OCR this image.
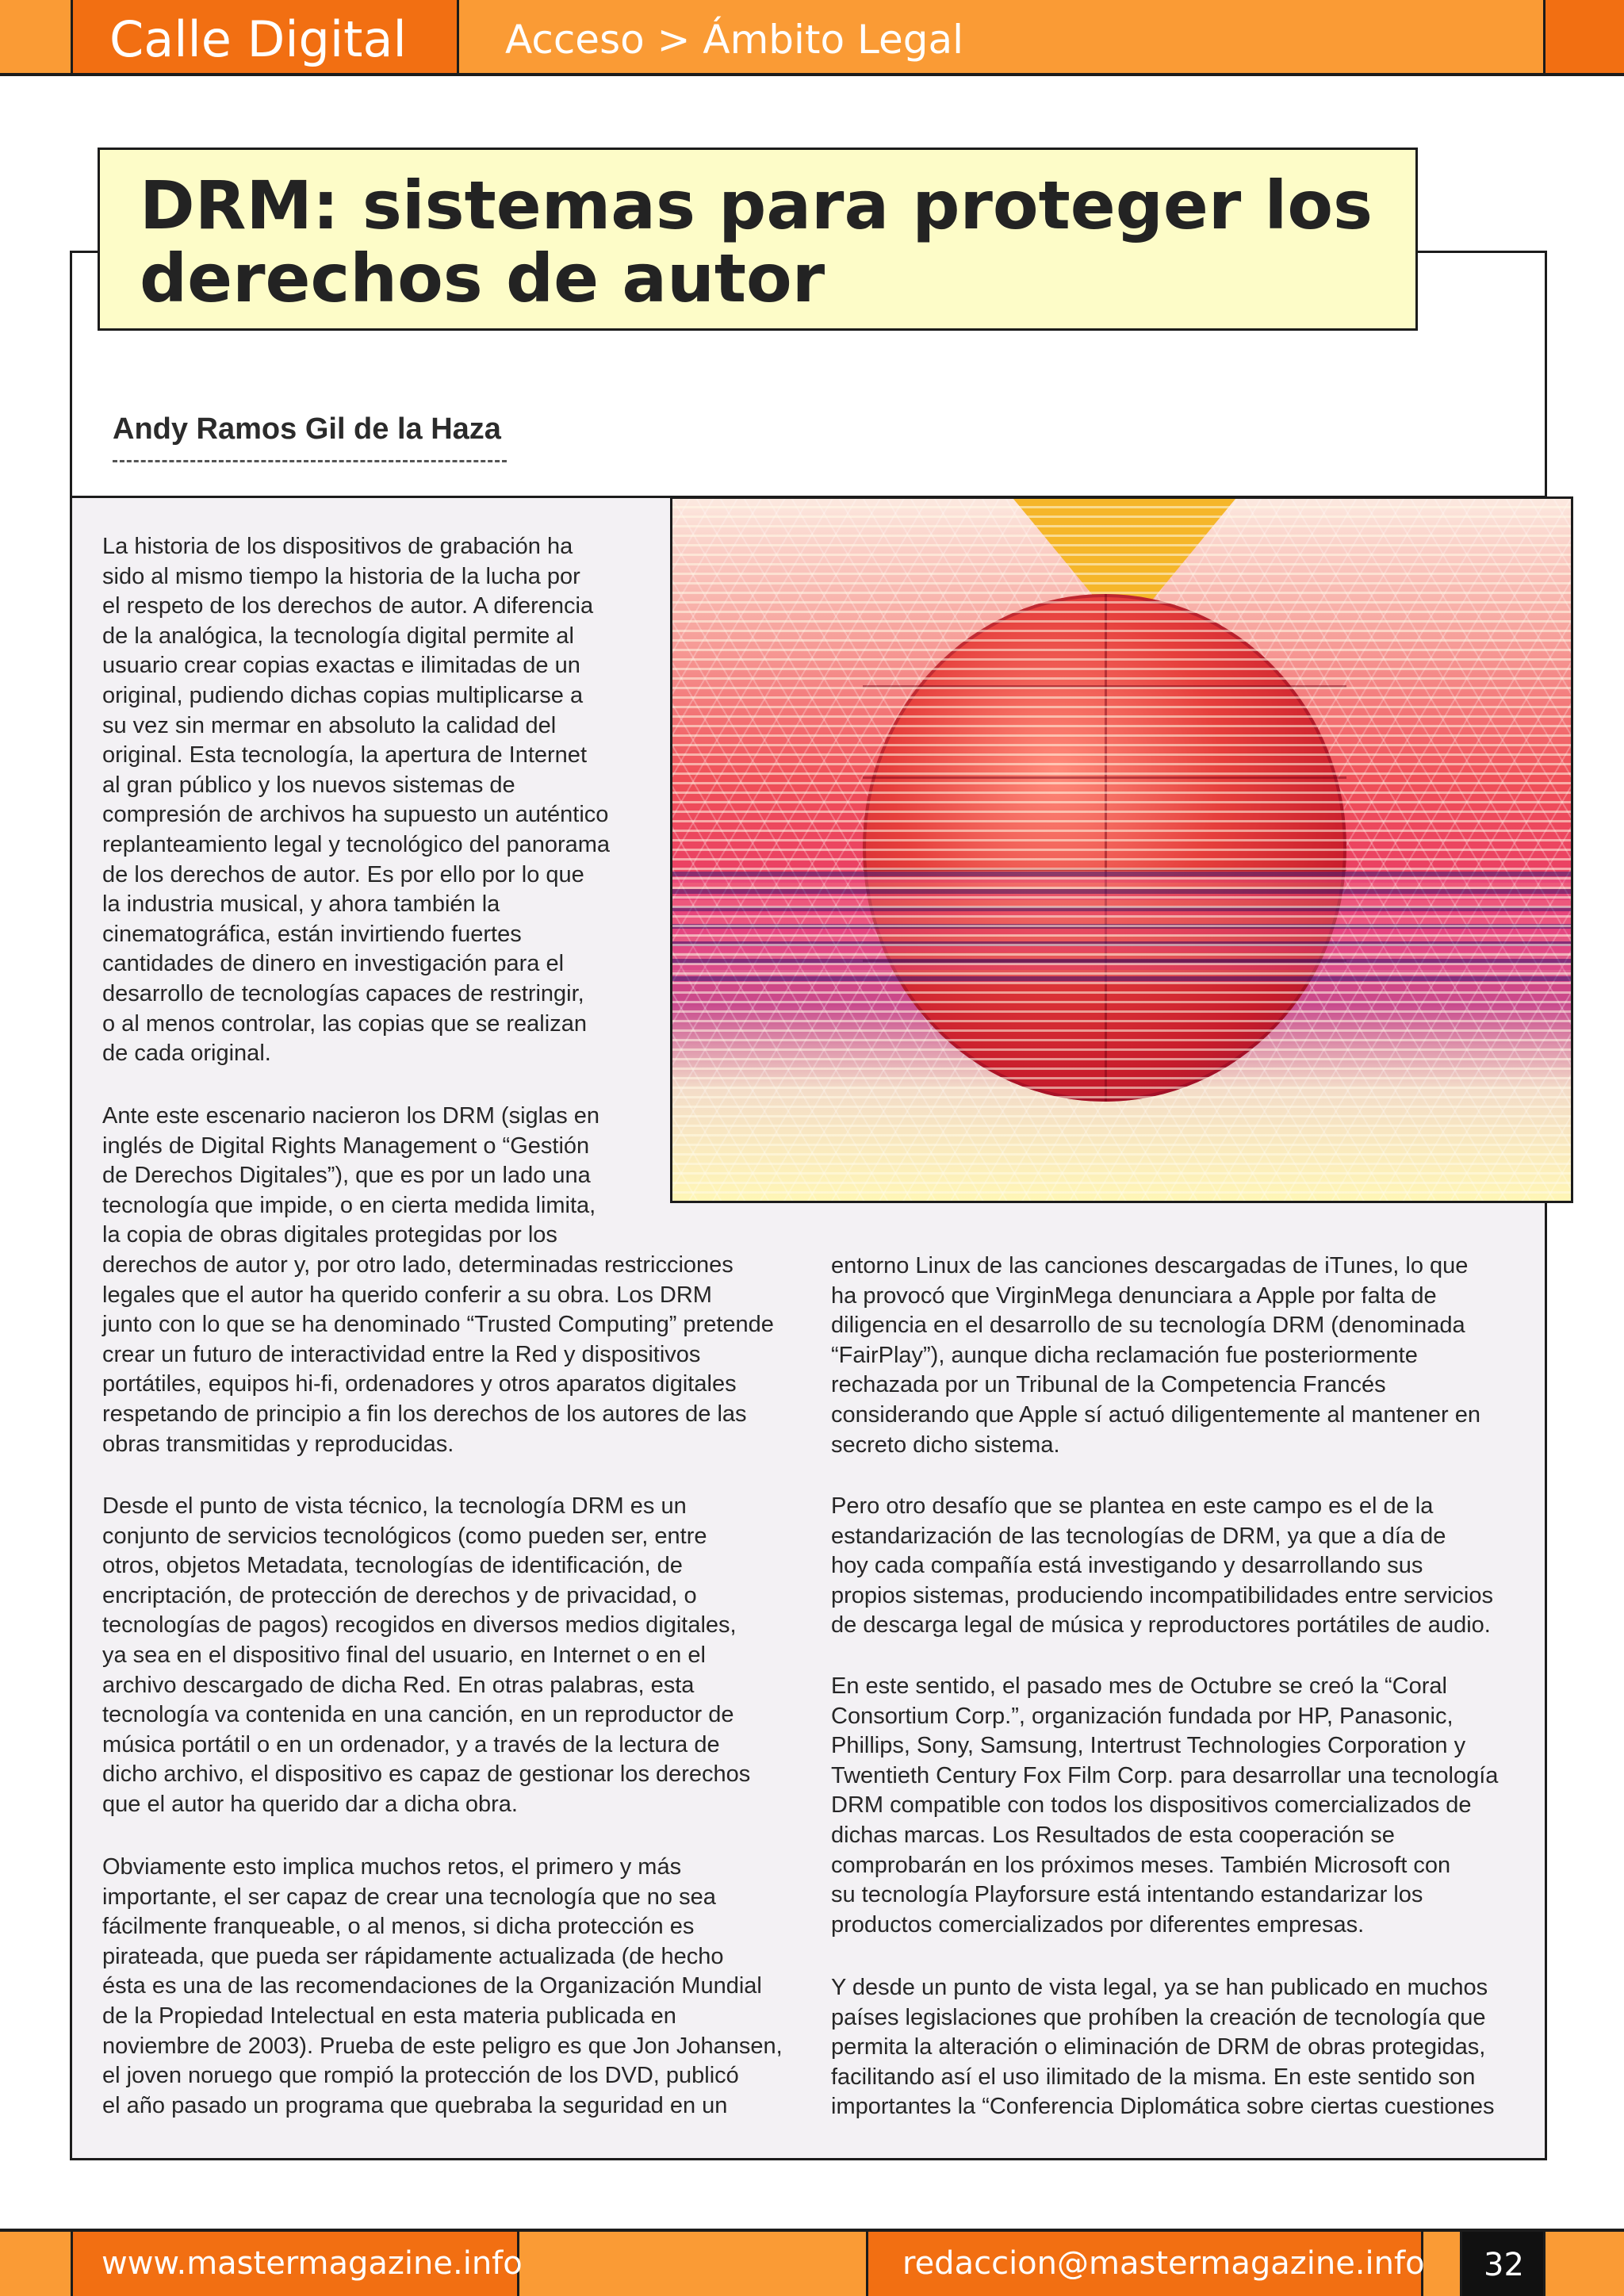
Calle Digital Acceso > Ámbito Legal
DRM: sistemas para proteger los derechos de autor
Andy Ramos Gil de la Haza

La historia de los dispositivos de grabación ha
sido al mismo tiempo la historia de la lucha por
el respeto de los derechos de autor. A diferencia
de la analógica, la tecnología digital permite al
usuario crear copias exactas e ilimitadas de un
original, pudiendo dichas copias multiplicarse a
su vez sin mermar en absoluto la calidad del
original. Esta tecnología, la apertura de Internet
al gran público y los nuevos sistemas de
compresión de archivos ha supuesto un auténtico
replanteamiento legal y tecnológico del panorama
de los derechos de autor. Es por ello por lo que
la industria musical, y ahora también la
cinematográfica, están invirtiendo fuertes
cantidades de dinero en investigación para el
desarrollo de tecnologías capaces de restringir,
o al menos controlar, las copias que se realizan
de cada original.

Ante este escenario nacieron los DRM (siglas en
inglés de Digital Rights Management o “Gestión
de Derechos Digitales”), que es por un lado una
tecnología que impide, o en cierta medida limita,
la copia de obras digitales protegidas por los
derechos de autor y, por otro lado, determinadas restricciones
legales que el autor ha querido conferir a su obra. Los DRM
junto con lo que se ha denominado “Trusted Computing” pretende
crear un futuro de interactividad entre la Red y dispositivos
portátiles, equipos hi-fi, ordenadores y otros aparatos digitales
respetando de principio a fin los derechos de los autores de las
obras transmitidas y reproducidas.

Desde el punto de vista técnico, la tecnología DRM es un
conjunto de servicios tecnológicos (como pueden ser, entre
otros, objetos Metadata, tecnologías de identificación, de
encriptación, de protección de derechos y de privacidad, o
tecnologías de pagos) recogidos en diversos medios digitales,
ya sea en el dispositivo final del usuario, en Internet o en el
archivo descargado de dicha Red. En otras palabras, esta
tecnología va contenida en una canción, en un reproductor de
música portátil o en un ordenador, y a través de la lectura de
dicho archivo, el dispositivo es capaz de gestionar los derechos
que el autor ha querido dar a dicha obra.

Obviamente esto implica muchos retos, el primero y más
importante, el ser capaz de crear una tecnología que no sea
fácilmente franqueable, o al menos, si dicha protección es
pirateada, que pueda ser rápidamente actualizada (de hecho
ésta es una de las recomendaciones de la Organización Mundial
de la Propiedad Intelectual en esta materia publicada en
noviembre de 2003). Prueba de este peligro es que Jon Johansen,
el joven noruego que rompió la protección de los DVD, publicó
el año pasado un programa que quebraba la seguridad en un

entorno Linux de las canciones descargadas de iTunes, lo que
ha provocó que VirginMega denunciara a Apple por falta de
diligencia en el desarrollo de su tecnología DRM (denominada
“FairPlay”), aunque dicha reclamación fue posteriormente
rechazada por un Tribunal de la Competencia Francés
considerando que Apple sí actuó diligentemente al mantener en
secreto dicho sistema.

Pero otro desafío que se plantea en este campo es el de la
estandarización de las tecnologías de DRM, ya que a día de
hoy cada compañía está investigando y desarrollando sus
propios sistemas, produciendo incompatibilidades entre servicios
de descarga legal de música y reproductores portátiles de audio.

En este sentido, el pasado mes de Octubre se creó la “Coral
Consortium Corp.”, organización fundada por HP, Panasonic,
Phillips, Sony, Samsung, Intertrust Technologies Corporation y
Twentieth Century Fox Film Corp. para desarrollar una tecnología
DRM compatible con todos los dispositivos comercializados de
dichas marcas. Los Resultados de esta cooperación se
comprobarán en los próximos meses. También Microsoft con
su tecnología Playforsure está intentando estandarizar los
productos comercializados por diferentes empresas.

Y desde un punto de vista legal, ya se han publicado en muchos
países legislaciones que prohíben la creación de tecnología que
permita la alteración o eliminación de DRM de obras protegidas,
facilitando así el uso ilimitado de la misma. En este sentido son
importantes la “Conferencia Diplomática sobre ciertas cuestiones

www.mastermagazine.info	redaccion@mastermagazine.info	32
